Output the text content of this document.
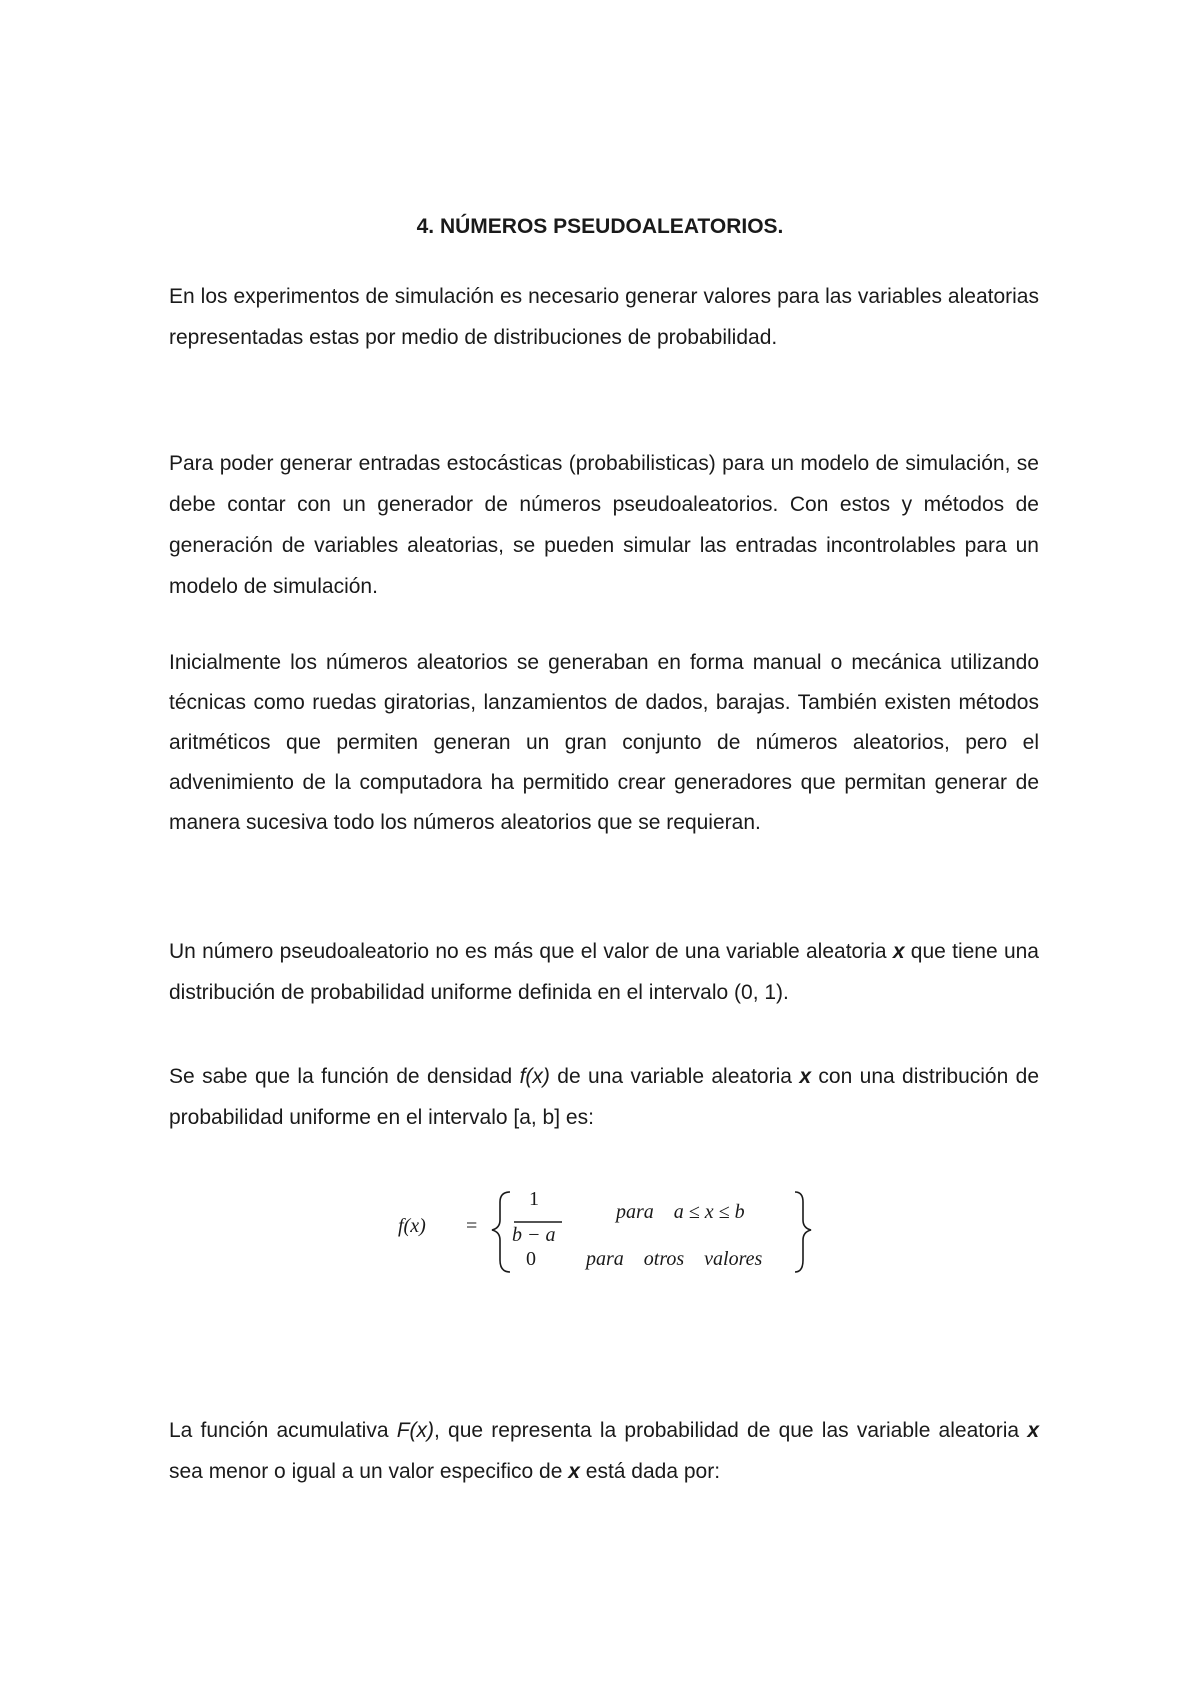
4. NÚMEROS PSEUDOALEATORIOS.

En los experimentos de simulación es necesario generar valores para las variables aleatorias representadas estas por medio de distribuciones de probabilidad.

Para poder generar entradas estocásticas (probabilisticas) para un modelo de simulación, se debe contar con un generador de números pseudoaleatorios. Con estos y métodos de generación de variables aleatorias, se pueden simular las entradas incontrolables para un modelo de simulación.

Inicialmente los números aleatorios se generaban en forma manual o mecánica utilizando técnicas como ruedas giratorias, lanzamientos de dados, barajas. También existen métodos aritméticos que permiten generan un gran conjunto de números aleatorios, pero el advenimiento de la computadora ha permitido crear generadores que permitan generar de manera sucesiva todo los números aleatorios que se requieran.

Un número pseudoaleatorio no es más que el valor de una variable aleatoria x que tiene una distribución de probabilidad uniforme definida en el intervalo (0, 1).

Se sabe que la función de densidad f(x) de una variable aleatoria x con una distribución de probabilidad uniforme en el intervalo [a, b] es:

f(x) =
1
b − a
para    a ≤ x ≤ b
0	para    otros    valores

La función acumulativa F(x), que representa la probabilidad de que las variable aleatoria x sea menor o igual a un valor especifico de x está dada por:
